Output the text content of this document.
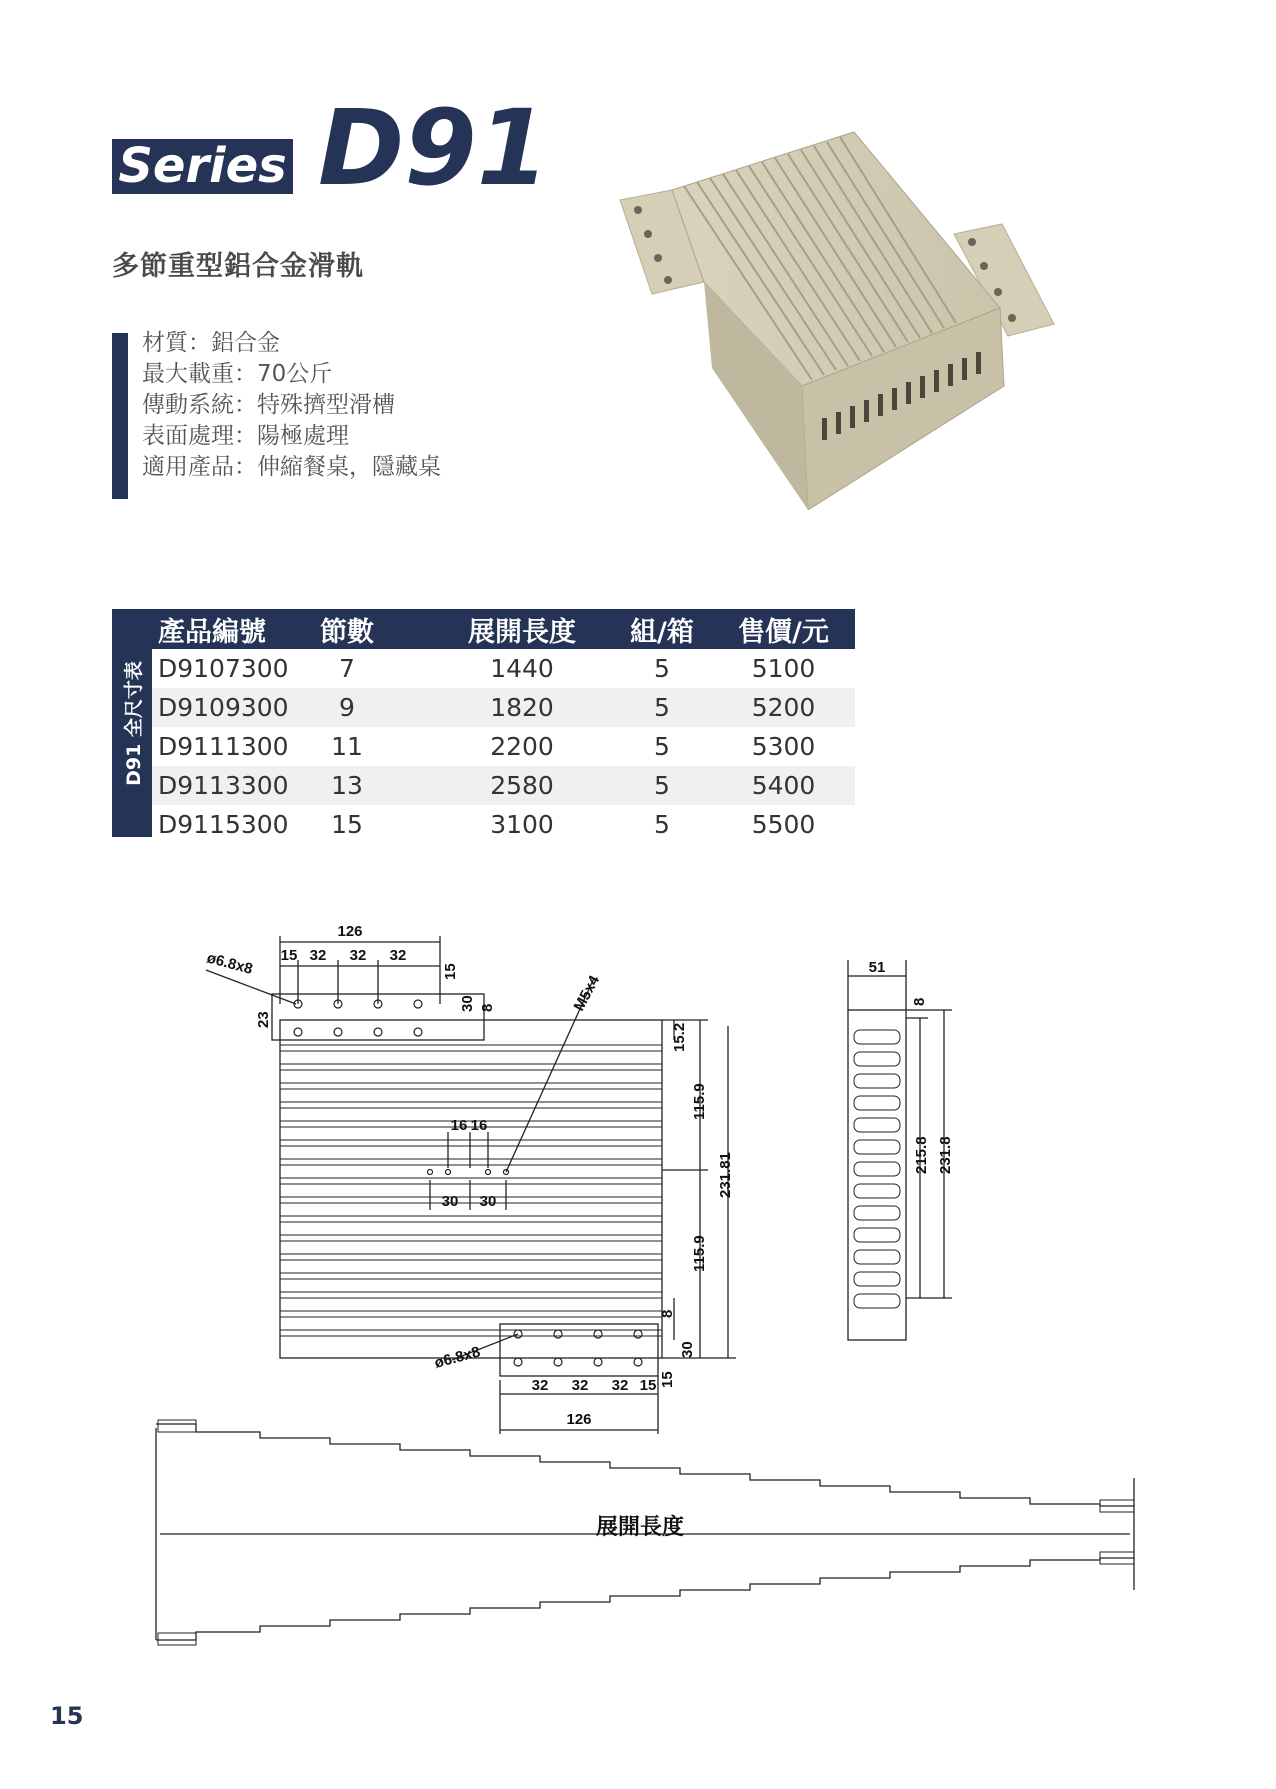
Series D91
多節重型鋁合金滑軌
材質：鋁合金
最大載重：70公斤
傳動系統：特殊擠型滑槽
表面處理：陽極處理
適用產品：伸縮餐桌，隱藏桌
D91 全尺寸表
產品編號	節數	展開長度	組/箱	售價/元
D9107300	7	1440	5	5100
D9109300	9	1820	5	5200
D9111300	11	2200	5	5300
D9113300	13	2580	5	5400
D9115300	15	3100	5	5500
126
15 32 32 32
ø6.8x8	15
30 8
23
M5x4
16 16
30 30
15.2
115.9
115.9
231.81
ø6.8x8
32 32 32 15
126
8
30
15
51
8
215.8 231.8
展開長度
15
